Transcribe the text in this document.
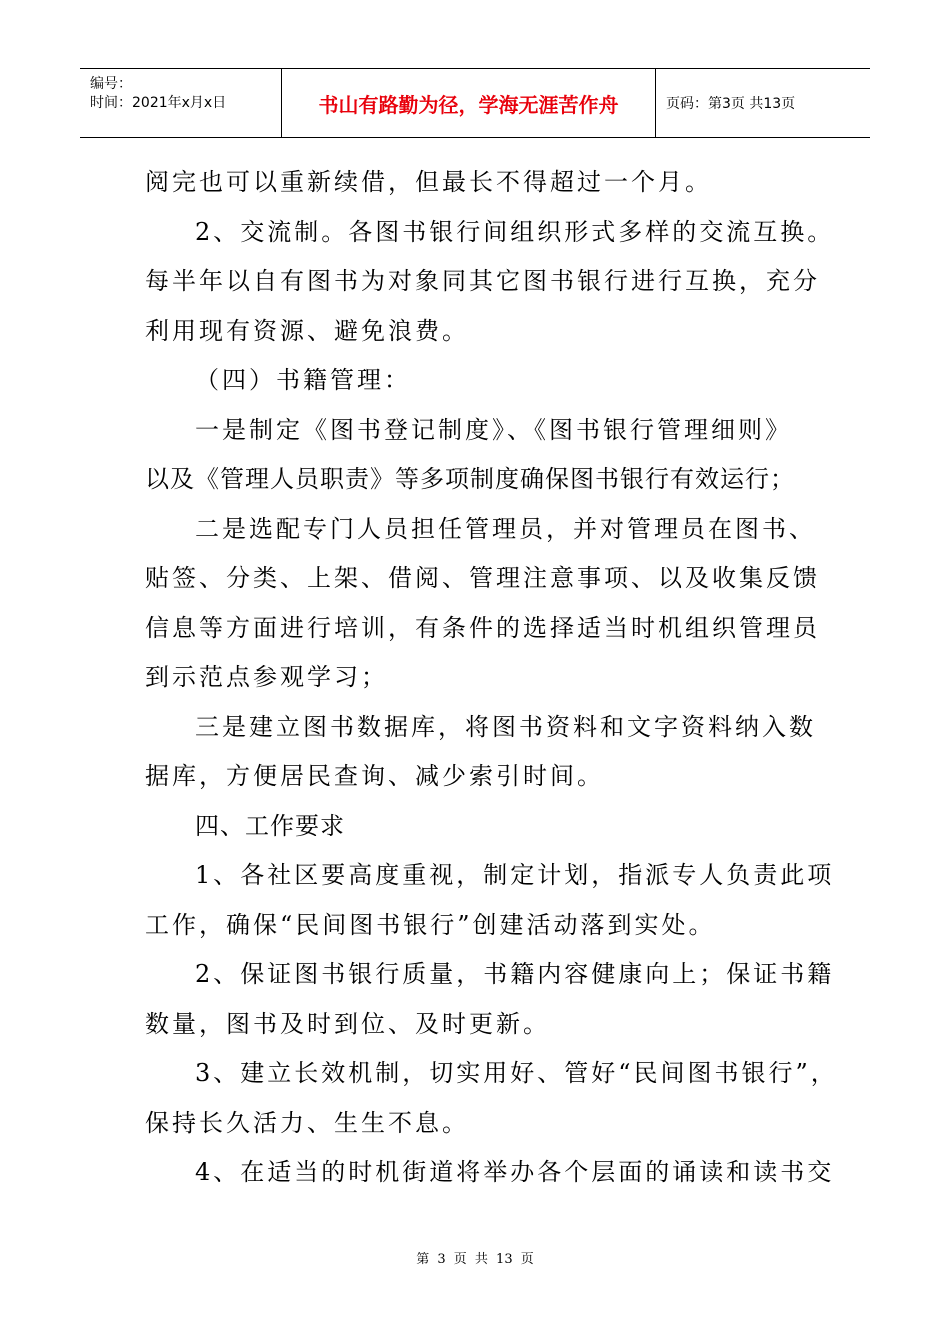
编号：
时间：2021年x月x日	书山有路勤为径，学海无涯苦作舟	页码：第3页 共13页
阅完也可以重新续借，但最长不得超过一个月。
2、交流制。各图书银行间组织形式多样的交流互换。
每半年以自有图书为对象同其它图书银行进行互换，充分
利用现有资源、避免浪费。
（四）书籍管理：
一是制定《图书登记制度》、《图书银行管理细则》
以及《管理人员职责》等多项制度确保图书银行有效运行；
二是选配专门人员担任管理员，并对管理员在图书、
贴签、分类、上架、借阅、管理注意事项、以及收集反馈
信息等方面进行培训，有条件的选择适当时机组织管理员
到示范点参观学习；
三是建立图书数据库，将图书资料和文字资料纳入数
据库，方便居民查询、减少索引时间。
四、工作要求
1、各社区要高度重视，制定计划，指派专人负责此项
工作，确保“民间图书银行”创建活动落到实处。
2、保证图书银行质量，书籍内容健康向上；保证书籍
数量，图书及时到位、及时更新。
3、建立长效机制，切实用好、管好“民间图书银行”，
保持长久活力、生生不息。
4、在适当的时机街道将举办各个层面的诵读和读书交
第 3 页 共 13 页
